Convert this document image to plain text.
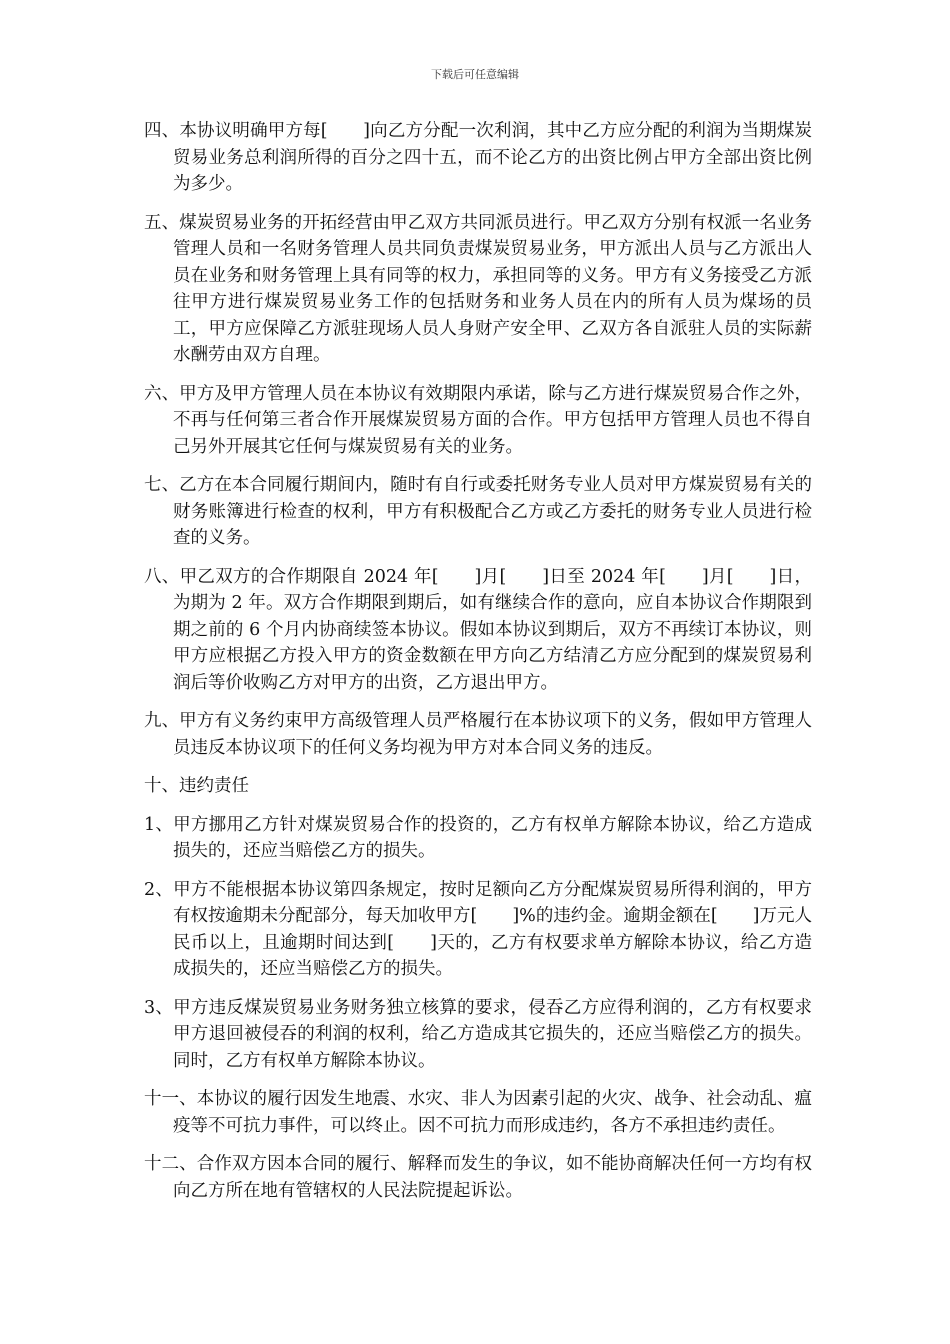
下载后可任意编辑

四、本协议明确甲方每[　　]向乙方分配一次利润，其中乙方应分配的利润为当期煤炭贸易业务总利润所得的百分之四十五，而不论乙方的出资比例占甲方全部出资比例为多少。

五、煤炭贸易业务的开拓经营由甲乙双方共同派员进行。甲乙双方分别有权派一名业务管理人员和一名财务管理人员共同负责煤炭贸易业务，甲方派出人员与乙方派出人员在业务和财务管理上具有同等的权力，承担同等的义务。甲方有义务接受乙方派往甲方进行煤炭贸易业务工作的包括财务和业务人员在内的所有人员为煤场的员工，甲方应保障乙方派驻现场人员人身财产安全甲、乙双方各自派驻人员的实际薪水酬劳由双方自理。

六、甲方及甲方管理人员在本协议有效期限内承诺，除与乙方进行煤炭贸易合作之外，不再与任何第三者合作开展煤炭贸易方面的合作。甲方包括甲方管理人员也不得自己另外开展其它任何与煤炭贸易有关的业务。

七、乙方在本合同履行期间内，随时有自行或委托财务专业人员对甲方煤炭贸易有关的财务账簿进行检查的权利，甲方有积极配合乙方或乙方委托的财务专业人员进行检查的义务。

八、甲乙双方的合作期限自 2024 年[　　]月[　　]日至 2024 年[　　]月[　　]日，为期为 2 年。双方合作期限到期后，如有继续合作的意向，应自本协议合作期限到期之前的 6 个月内协商续签本协议。假如本协议到期后，双方不再续订本协议，则甲方应根据乙方投入甲方的资金数额在甲方向乙方结清乙方应分配到的煤炭贸易利润后等价收购乙方对甲方的出资，乙方退出甲方。

九、甲方有义务约束甲方高级管理人员严格履行在本协议项下的义务，假如甲方管理人员违反本协议项下的任何义务均视为甲方对本合同义务的违反。

十、违约责任

1、甲方挪用乙方针对煤炭贸易合作的投资的，乙方有权单方解除本协议，给乙方造成损失的，还应当赔偿乙方的损失。

2、甲方不能根据本协议第四条规定，按时足额向乙方分配煤炭贸易所得利润的，甲方有权按逾期未分配部分，每天加收甲方[　　]%的违约金。逾期金额在[　　]万元人民币以上，且逾期时间达到[　　]天的，乙方有权要求单方解除本协议，给乙方造成损失的，还应当赔偿乙方的损失。

3、甲方违反煤炭贸易业务财务独立核算的要求，侵吞乙方应得利润的，乙方有权要求甲方退回被侵吞的利润的权利，给乙方造成其它损失的，还应当赔偿乙方的损失。同时，乙方有权单方解除本协议。

十一、本协议的履行因发生地震、水灾、非人为因素引起的火灾、战争、社会动乱、瘟疫等不可抗力事件，可以终止。因不可抗力而形成违约，各方不承担违约责任。

十二、合作双方因本合同的履行、解释而发生的争议，如不能协商解决任何一方均有权向乙方所在地有管辖权的人民法院提起诉讼。
